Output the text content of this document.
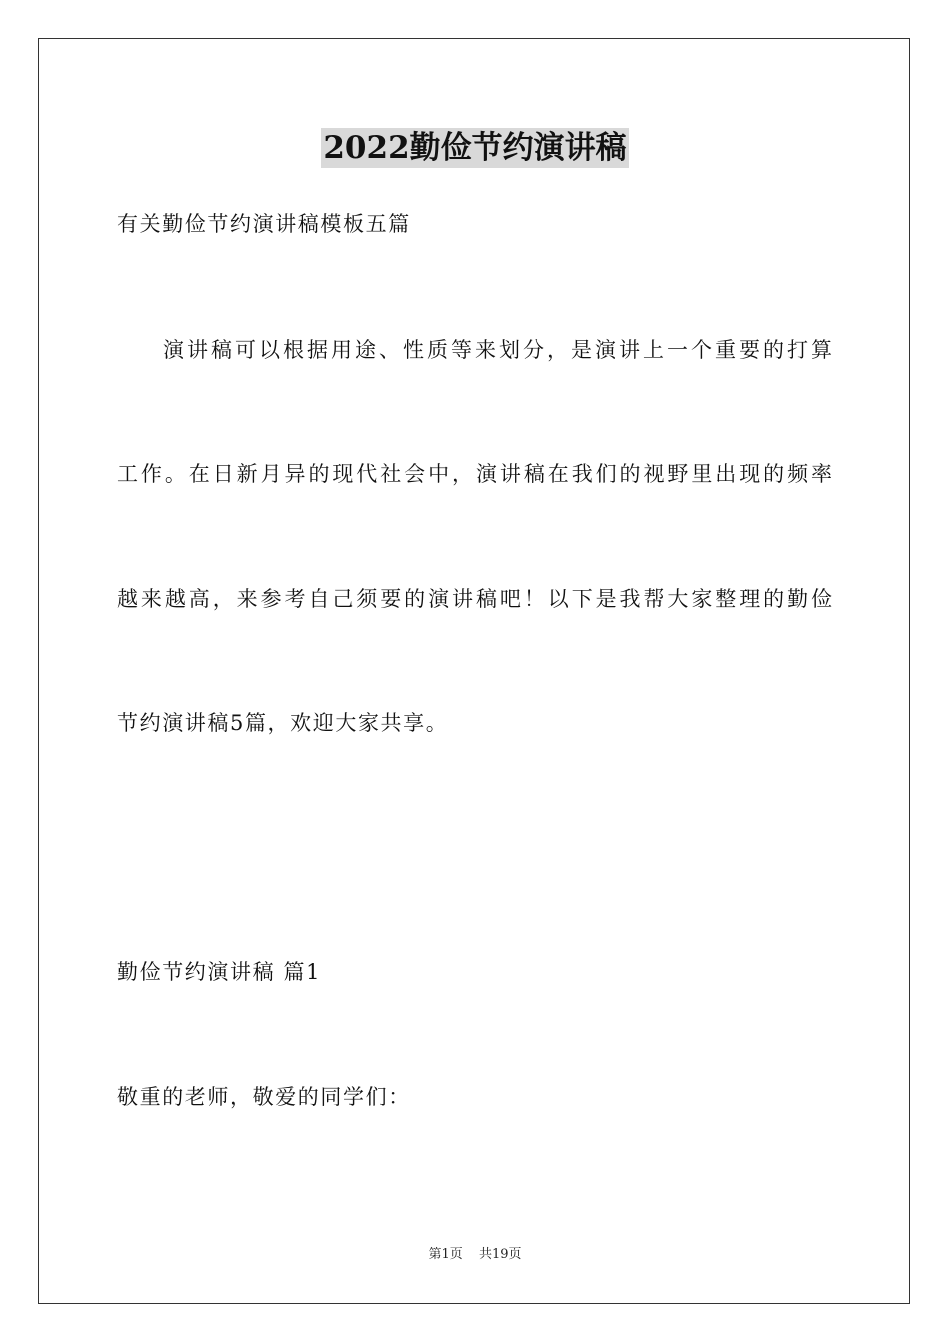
2022勤俭节约演讲稿
有关勤俭节约演讲稿模板五篇
演讲稿可以根据用途、性质等来划分，是演讲上一个重要的打算
工作。在日新月异的现代社会中，演讲稿在我们的视野里出现的频率
越来越高，来参考自己须要的演讲稿吧！以下是我帮大家整理的勤俭
节约演讲稿5篇，欢迎大家共享。
勤俭节约演讲稿 篇1
敬重的老师，敬爱的同学们：
第1页 共19页
